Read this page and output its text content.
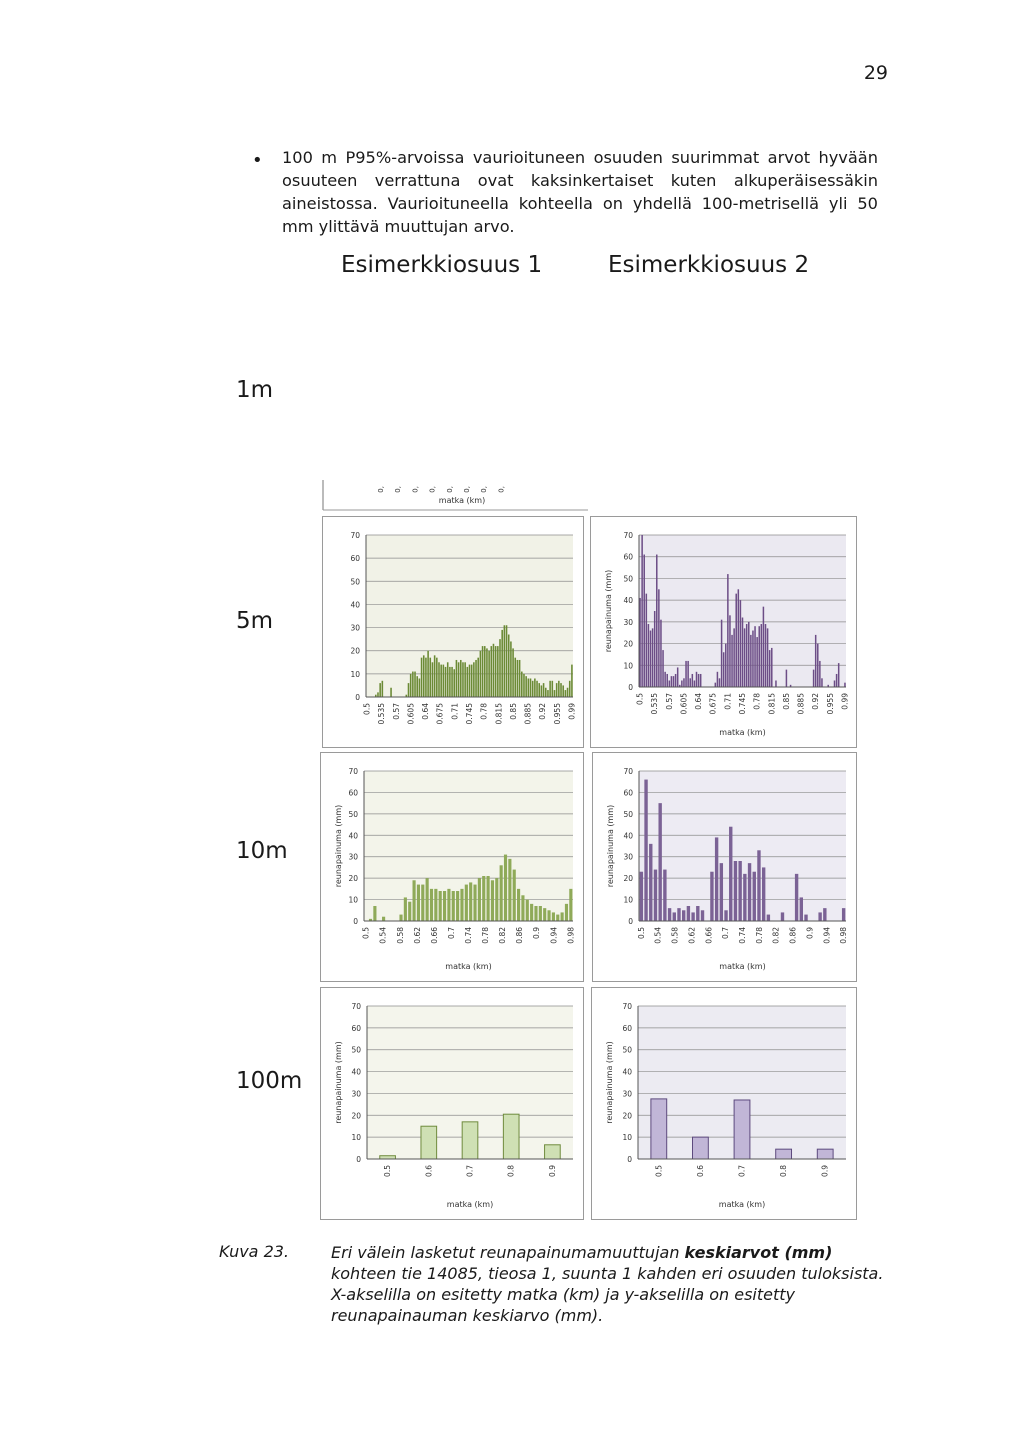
29
• 100 m P95%-arvoissa vaurioituneen osuuden suurimmat arvot hyvään osuuteen verrattuna ovat kaksinkertaiset kuten alkuperäisessäkin aineistossa. Vaurioituneella kohteella on yhdellä 100-metrisellä yli 50 mm ylittävä muuttujan arvo.
Esimerkkiosuus 1	Esimerkkiosuus 2
1m
5m
10m
100m
0, 0, 0, 0, 0, 0, 0, 0,
matka (km)
0
10
20
30
40
50
60
70
0.5 0.535 0.57 0.605 0.64 0.675 0.71 0.745 0.78 0.815 0.85 0.885 0.92 0.955 0.99
0
10
20
30
40
50
60
70
0.5 0.535 0.57 0.605 0.64 0.675 0.71 0.745 0.78 0.815 0.85 0.885 0.92 0.955 0.99
matka (km)
reunapainuma (mm)
0
10
20
30
40
50
60
70
0.5 0.54 0.58 0.62 0.66 0.7 0.74 0.78 0.82 0.86 0.9 0.94 0.98
matka (km)
reunapainuma (mm)
0
10
20
30
40
50
60
70
0.5 0.54 0.58 0.62 0.66 0.7 0.74 0.78 0.82 0.86 0.9 0.94 0.98
matka (km)
reunapainuma (mm)
0
10
20
30
40
50
60
70
0.5	0.6	0.7	0.8	0.9
matka (km)
reunapainuma (mm)
0
10
20
30
40
50
60
70
0.5	0.6	0.7	0.8	0.9
matka (km)
reunapainuma (mm)
Kuva 23.	Eri välein lasketut reunapainumamuuttujan keskiarvot (mm) kohteen tie 14085, tieosa 1, suunta 1 kahden eri osuuden tuloksista. X-akselilla on esitetty matka (km) ja y-akselilla on esitetty reunapainauman keskiarvo (mm).
